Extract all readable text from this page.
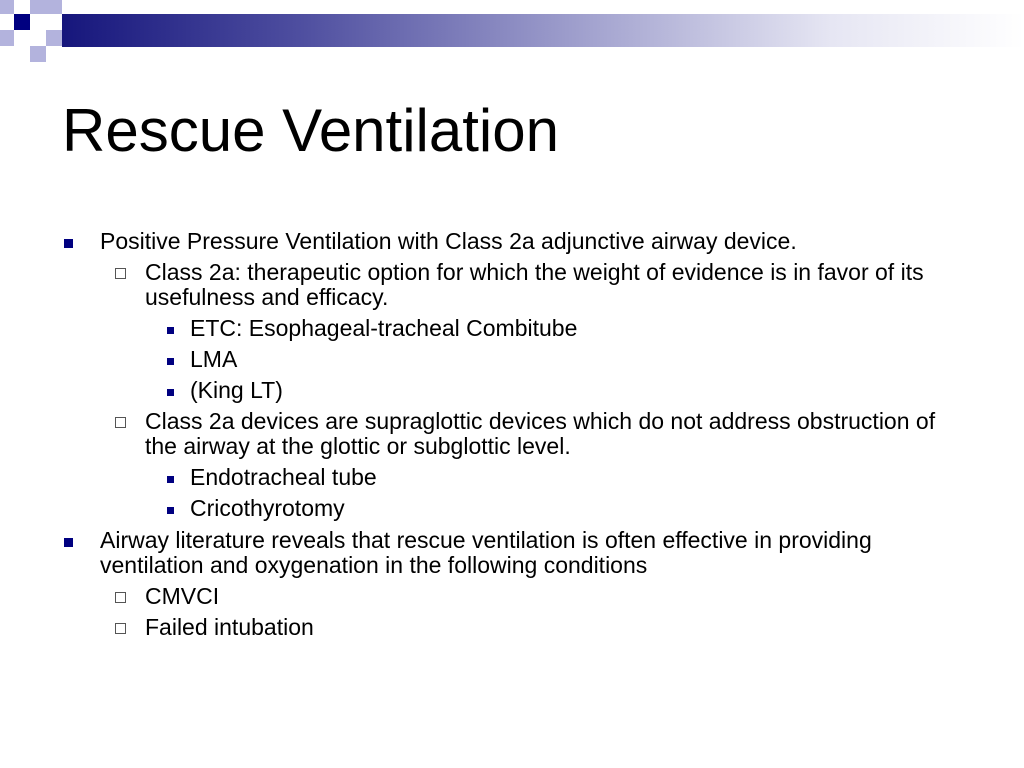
Rescue Ventilation
Positive Pressure Ventilation with Class 2a adjunctive airway device.
Class 2a: therapeutic option for which the weight of evidence is in favor of its usefulness and efficacy.
ETC: Esophageal-tracheal Combitube
LMA
(King LT)
Class 2a devices are supraglottic devices which do not address obstruction of the airway at the glottic or subglottic level.
Endotracheal tube
Cricothyrotomy
Airway literature reveals that rescue ventilation is often effective in providing ventilation and oxygenation in the following conditions
CMVCI
Failed intubation
